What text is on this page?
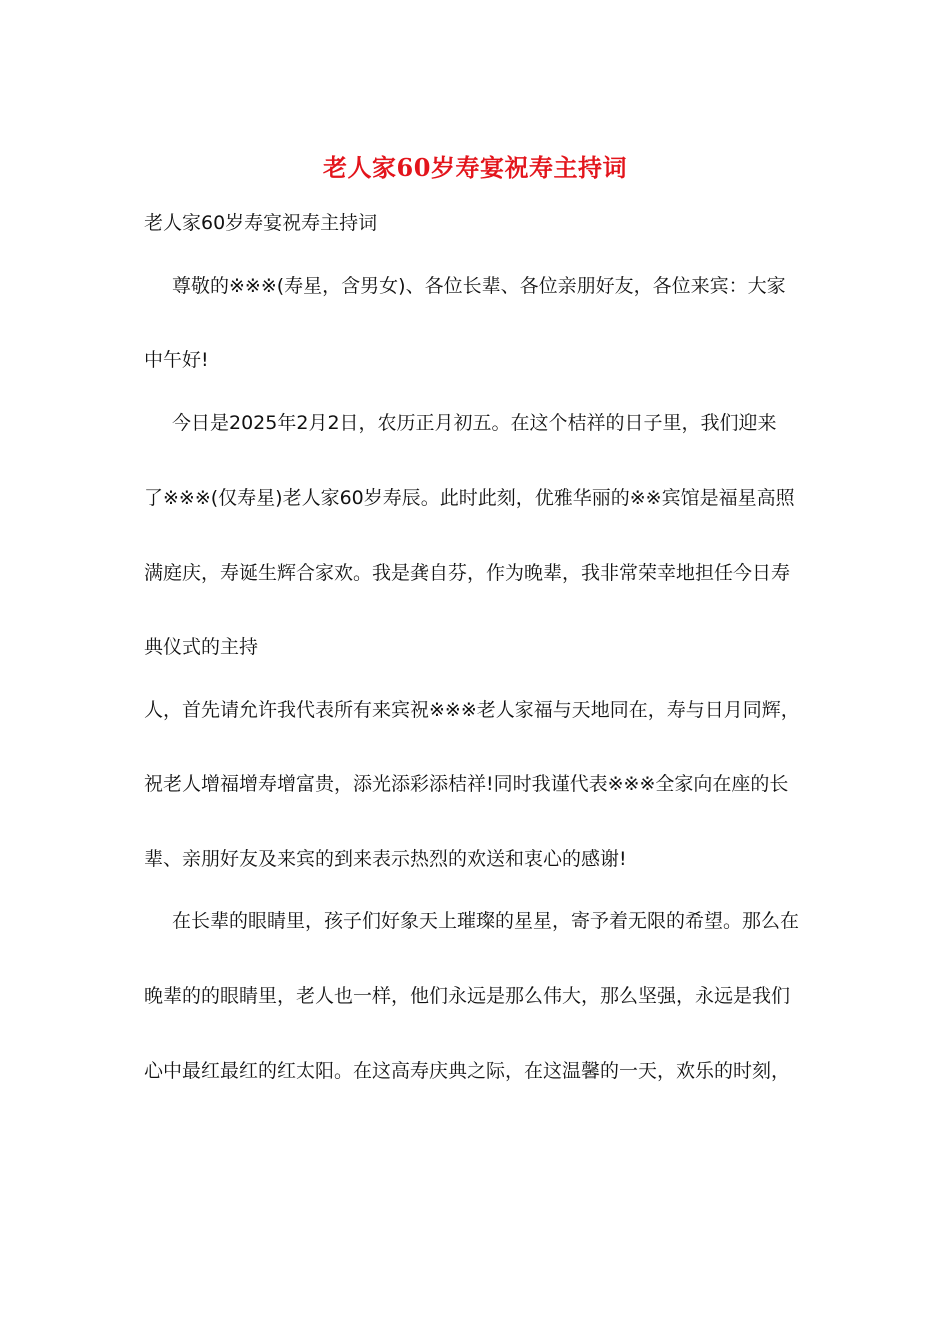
老人家60岁寿宴祝寿主持词
老人家60岁寿宴祝寿主持词
尊敬的※※※(寿星，含男女)、各位长辈、各位亲朋好友，各位来宾：大家
中午好!
今日是2025年2月2日，农历正月初五。在这个桔祥的日子里，我们迎来
了※※※(仅寿星)老人家60岁寿辰。此时此刻，优雅华丽的※※宾馆是福星高照
满庭庆，寿诞生辉合家欢。我是龚自芬，作为晚辈，我非常荣幸地担任今日寿
典仪式的主持
人，首先请允许我代表所有来宾祝※※※老人家福与天地同在，寿与日月同辉，
祝老人增福增寿增富贵，添光添彩添桔祥!同时我谨代表※※※全家向在座的长
辈、亲朋好友及来宾的到来表示热烈的欢送和衷心的感谢!
在长辈的眼睛里，孩子们好象天上璀璨的星星，寄予着无限的希望。那么在
晚辈的的眼睛里，老人也一样，他们永远是那么伟大，那么坚强，永远是我们
心中最红最红的红太阳。在这高寿庆典之际，在这温馨的一天，欢乐的时刻，
